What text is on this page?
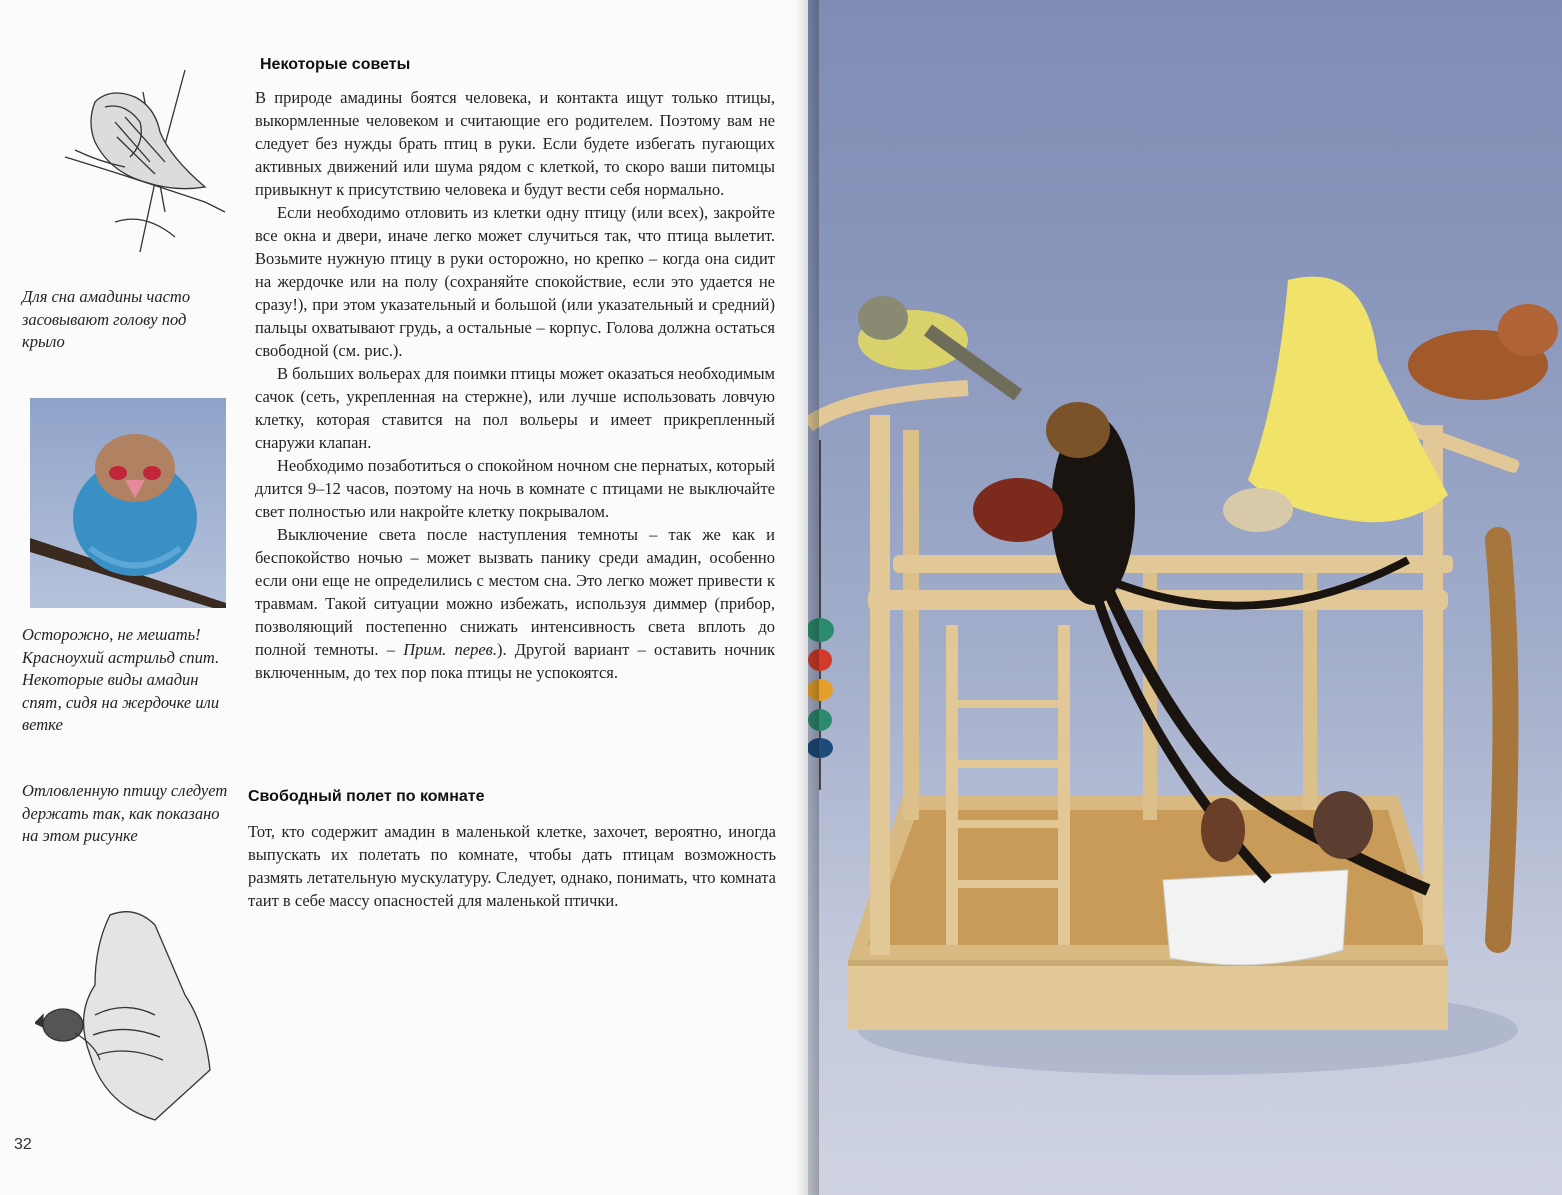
Для сна амадины часто засовывают голову под крыло
Осторожно, не мешать! Красноухий астрильд спит. Некоторые виды амадин спят, сидя на жердочке или ветке
Отловленную птицу следует держать так, как показано на этом рисунке
Некоторые советы

В природе амадины боятся человека, и контакта ищут только птицы, выкормленные человеком и считающие его родителем. Поэтому вам не следует без нужды брать птиц в руки. Если будете избегать пугающих активных движений или шума рядом с клеткой, то скоро ваши питомцы привыкнут к присутствию человека и будут вести себя нормально.

Если необходимо отловить из клетки одну птицу (или всех), закройте все окна и двери, иначе легко может случиться так, что птица вылетит. Возьмите нужную птицу в руки осторожно, но крепко – когда она сидит на жердочке или на полу (сохраняйте спокойствие, если это удается не сразу!), при этом указательный и большой (или указательный и средний) пальцы охватывают грудь, а остальные – корпус. Голова должна остаться свободной (см. рис.).

В больших вольерах для поимки птицы может оказаться необходимым сачок (сеть, укрепленная на стержне), или лучше использовать ловчую клетку, которая ставится на пол вольеры и имеет прикрепленный снаружи клапан.

Необходимо позаботиться о спокойном ночном сне пернатых, который длится 9–12 часов, поэтому на ночь в комнате с птицами не выключайте свет полностью или накройте клетку покрывалом.

Выключение света после наступления темноты – так же как и беспокойство ночью – может вызвать панику среди амадин, особенно если они еще не определились с местом сна. Это легко может привести к травмам. Такой ситуации можно избежать, используя диммер (прибор, позволяющий постепенно снижать интенсивность света вплоть до полной темноты. – Прим. перев.). Другой вариант – оставить ночник включенным, до тех пор пока птицы не успокоятся.

Свободный полет по комнате

Тот, кто содержит амадин в маленькой клетке, захочет, вероятно, иногда выпускать их полетать по комнате, чтобы дать птицам возможность размять летательную мускулатуру. Следует, однако, понимать, что комната таит в себе массу опасностей для маленькой птички.

32
